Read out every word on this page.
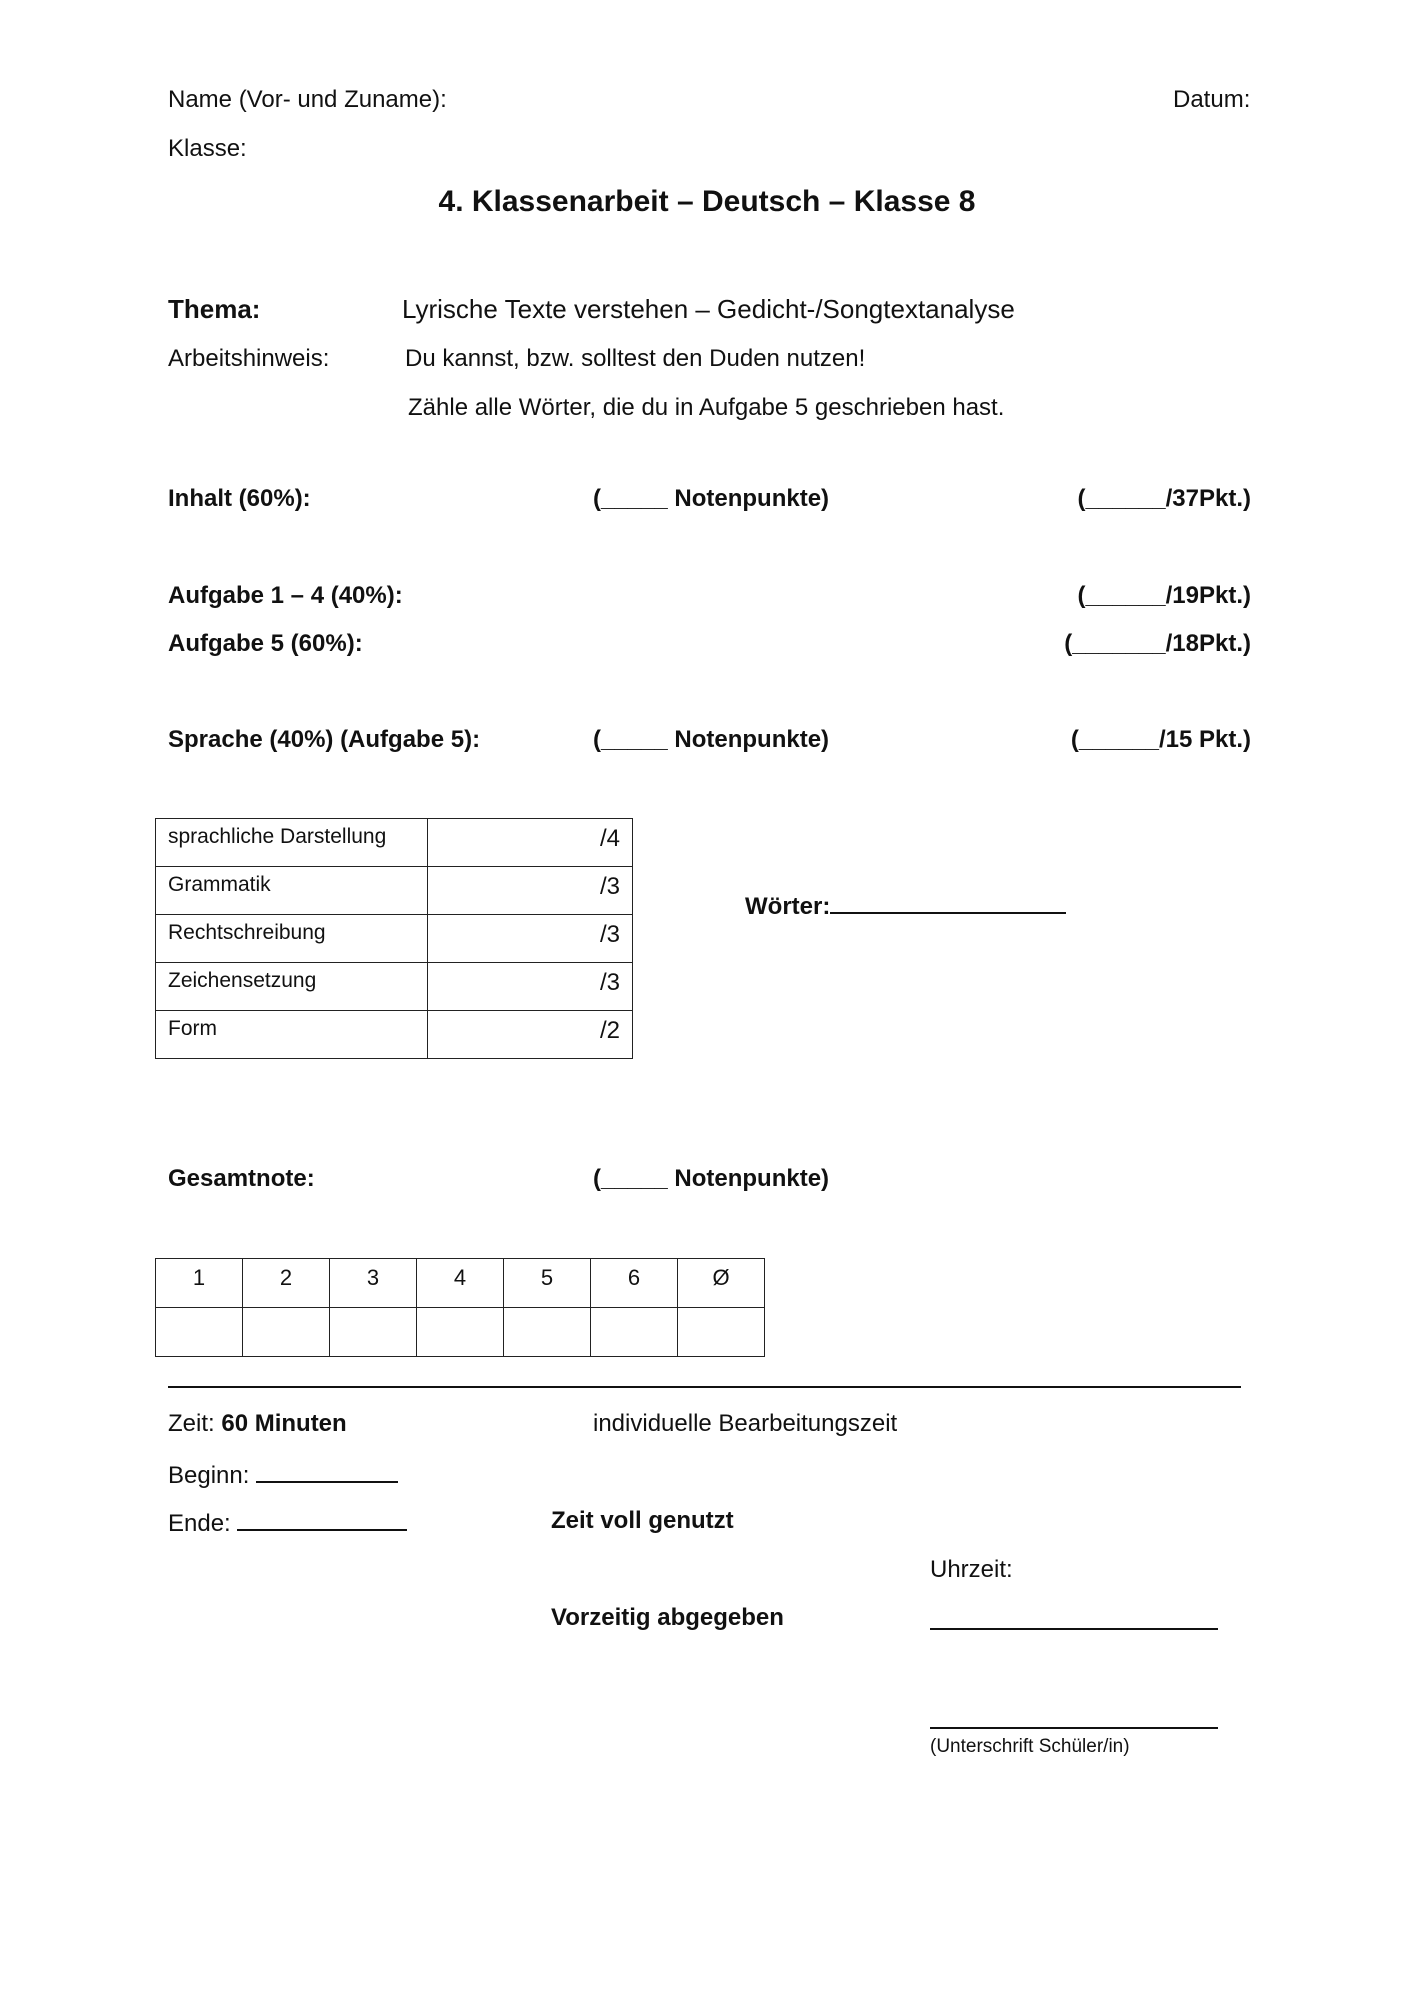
Name (Vor- und Zuname):	Datum:
Klasse:
4. Klassenarbeit – Deutsch – Klasse 8
Thema:	Lyrische Texte verstehen – Gedicht-/Songtextanalyse
Arbeitshinweis:	Du kannst, bzw. solltest den Duden nutzen!
Zähle alle Wörter, die du in Aufgabe 5 geschrieben hast.
Inhalt (60%):	(_____ Notenpunkte)	(______/37Pkt.)
Aufgabe 1 – 4 (40%):	(______/19Pkt.)
Aufgabe 5 (60%):	(_______/18Pkt.)
Sprache (40%) (Aufgabe 5):	(_____ Notenpunkte)	(______/15 Pkt.)
sprachliche Darstellung	/4
Grammatik	/3
Rechtschreibung	/3
Zeichensetzung	/3
Form	/2
Wörter:
Gesamtnote:	(_____ Notenpunkte)
1	2	3	4	5	6	Ø

Zeit: 60 Minuten	individuelle Bearbeitungszeit
Beginn:
Ende:	Zeit voll genutzt
Uhrzeit:
Vorzeitig abgegeben
(Unterschrift Schüler/in)
